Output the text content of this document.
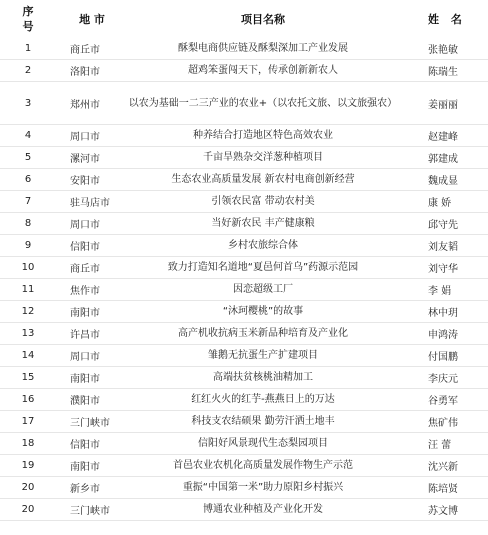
序号	地 市	项目名称	姓 名
1	商丘市	酥梨电商供应链及酥梨深加工产业发展	张艳敏
2	洛阳市	超鸡笨蛋闯天下，传承创新新农人	陈瑞生
3	郑州市	以农为基础一二三产业的农业+（以农托文旅、以文旅强农）	姜丽丽
4	周口市	种养结合打造地区特色高效农业	赵建峰
5	漯河市	千亩旱熟杂交洋葱种植项目	郭建成
6	安阳市	生态农业高质量发展 新农村电商创新经营	魏成显
7	驻马店市	引领农民富 带动农村美	康 娇
8	周口市	当好新农民 丰产健康粮	邱守先
9	信阳市	乡村农旅综合体	刘友韬
10	商丘市	致力打造知名道地“夏邑何首乌”药源示范园	刘守华
11	焦作市	因恋超级工厂	李 娟
12	南阳市	“沐珂樱桃”的故事	林中玥
13	许昌市	高产机收抗病玉米新品种培育及产业化	申鸿涛
14	周口市	雏鹅无抗蛋生产扩建项目	付国鹏
15	南阳市	高端扶贫核桃油精加工	李庆元
16	濮阳市	红红火火的红芋-燕燕日上的万达	谷勇军
17	三门峡市	科技支农结硕果 勤劳汗洒土地丰	焦矿伟
18	信阳市	信阳好风景现代生态梨园项目	汪 蕾
19	南阳市	首邑农业农机化高质量发展作物生产示范	沈兴新
20	新乡市	重振“中国第一米”助力原阳乡村振兴	陈培贤
20	三门峡市	博通农业种植及产业化开发	苏文博
